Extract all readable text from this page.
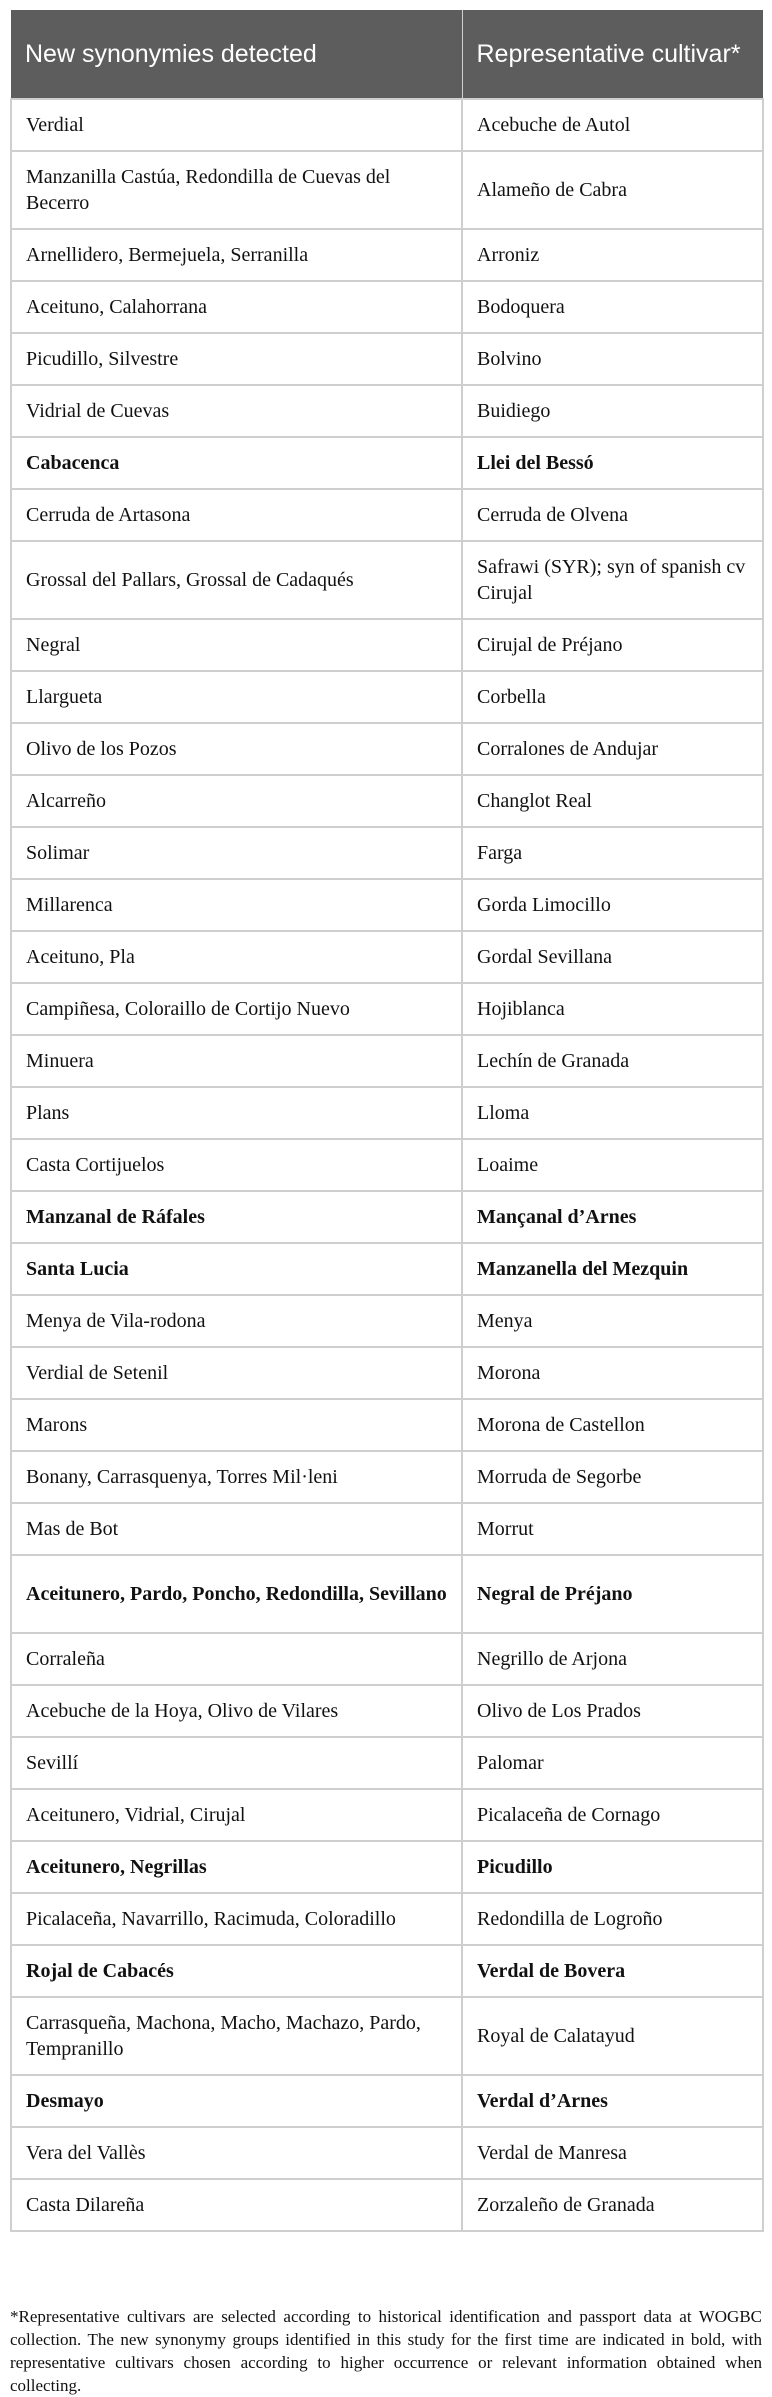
New synonymies detected	Representative cultivar*
Verdial	Acebuche de Autol
Manzanilla Castúa, Redondilla de Cuevas del Becerro	Alameño de Cabra
Arnellidero, Bermejuela, Serranilla	Arroniz
Aceituno, Calahorrana	Bodoquera
Picudillo, Silvestre	Bolvino
Vidrial de Cuevas	Buidiego
Cabacenca	Llei del Bessó
Cerruda de Artasona	Cerruda de Olvena
Grossal del Pallars, Grossal de Cadaqués	Safrawi (SYR); syn of spanish cv Cirujal
Negral	Cirujal de Préjano
Llargueta	Corbella
Olivo de los Pozos	Corralones de Andujar
Alcarreño	Changlot Real
Solimar	Farga
Millarenca	Gorda Limocillo
Aceituno, Pla	Gordal Sevillana
Campiñesa, Coloraillo de Cortijo Nuevo	Hojiblanca
Minuera	Lechín de Granada
Plans	Lloma
Casta Cortijuelos	Loaime
Manzanal de Ráfales	Mançanal d’Arnes
Santa Lucia	Manzanella del Mezquin
Menya de Vila-rodona	Menya
Verdial de Setenil	Morona
Marons	Morona de Castellon
Bonany, Carrasquenya, Torres Mil·leni	Morruda de Segorbe
Mas de Bot	Morrut
Aceitunero, Pardo, Poncho, Redondilla, Sevillano	Negral de Préjano
Corraleña	Negrillo de Arjona
Acebuche de la Hoya, Olivo de Vilares	Olivo de Los Prados
Sevillí	Palomar
Aceitunero, Vidrial, Cirujal	Picalaceña de Cornago
Aceitunero, Negrillas	Picudillo
Picalaceña, Navarrillo, Racimuda, Coloradillo	Redondilla de Logroño
Rojal de Cabacés	Verdal de Bovera
Carrasqueña, Machona, Macho, Machazo, Pardo, Tempranillo	Royal de Calatayud
Desmayo	Verdal d’Arnes
Vera del Vallès	Verdal de Manresa
Casta Dilareña	Zorzaleño de Granada

*Representative cultivars are selected according to historical identification and passport data at WOGBC collection. The new synonymy groups identified in this study for the first time are indicated in bold, with representative cultivars chosen according to higher occurrence or relevant information obtained when collecting.
